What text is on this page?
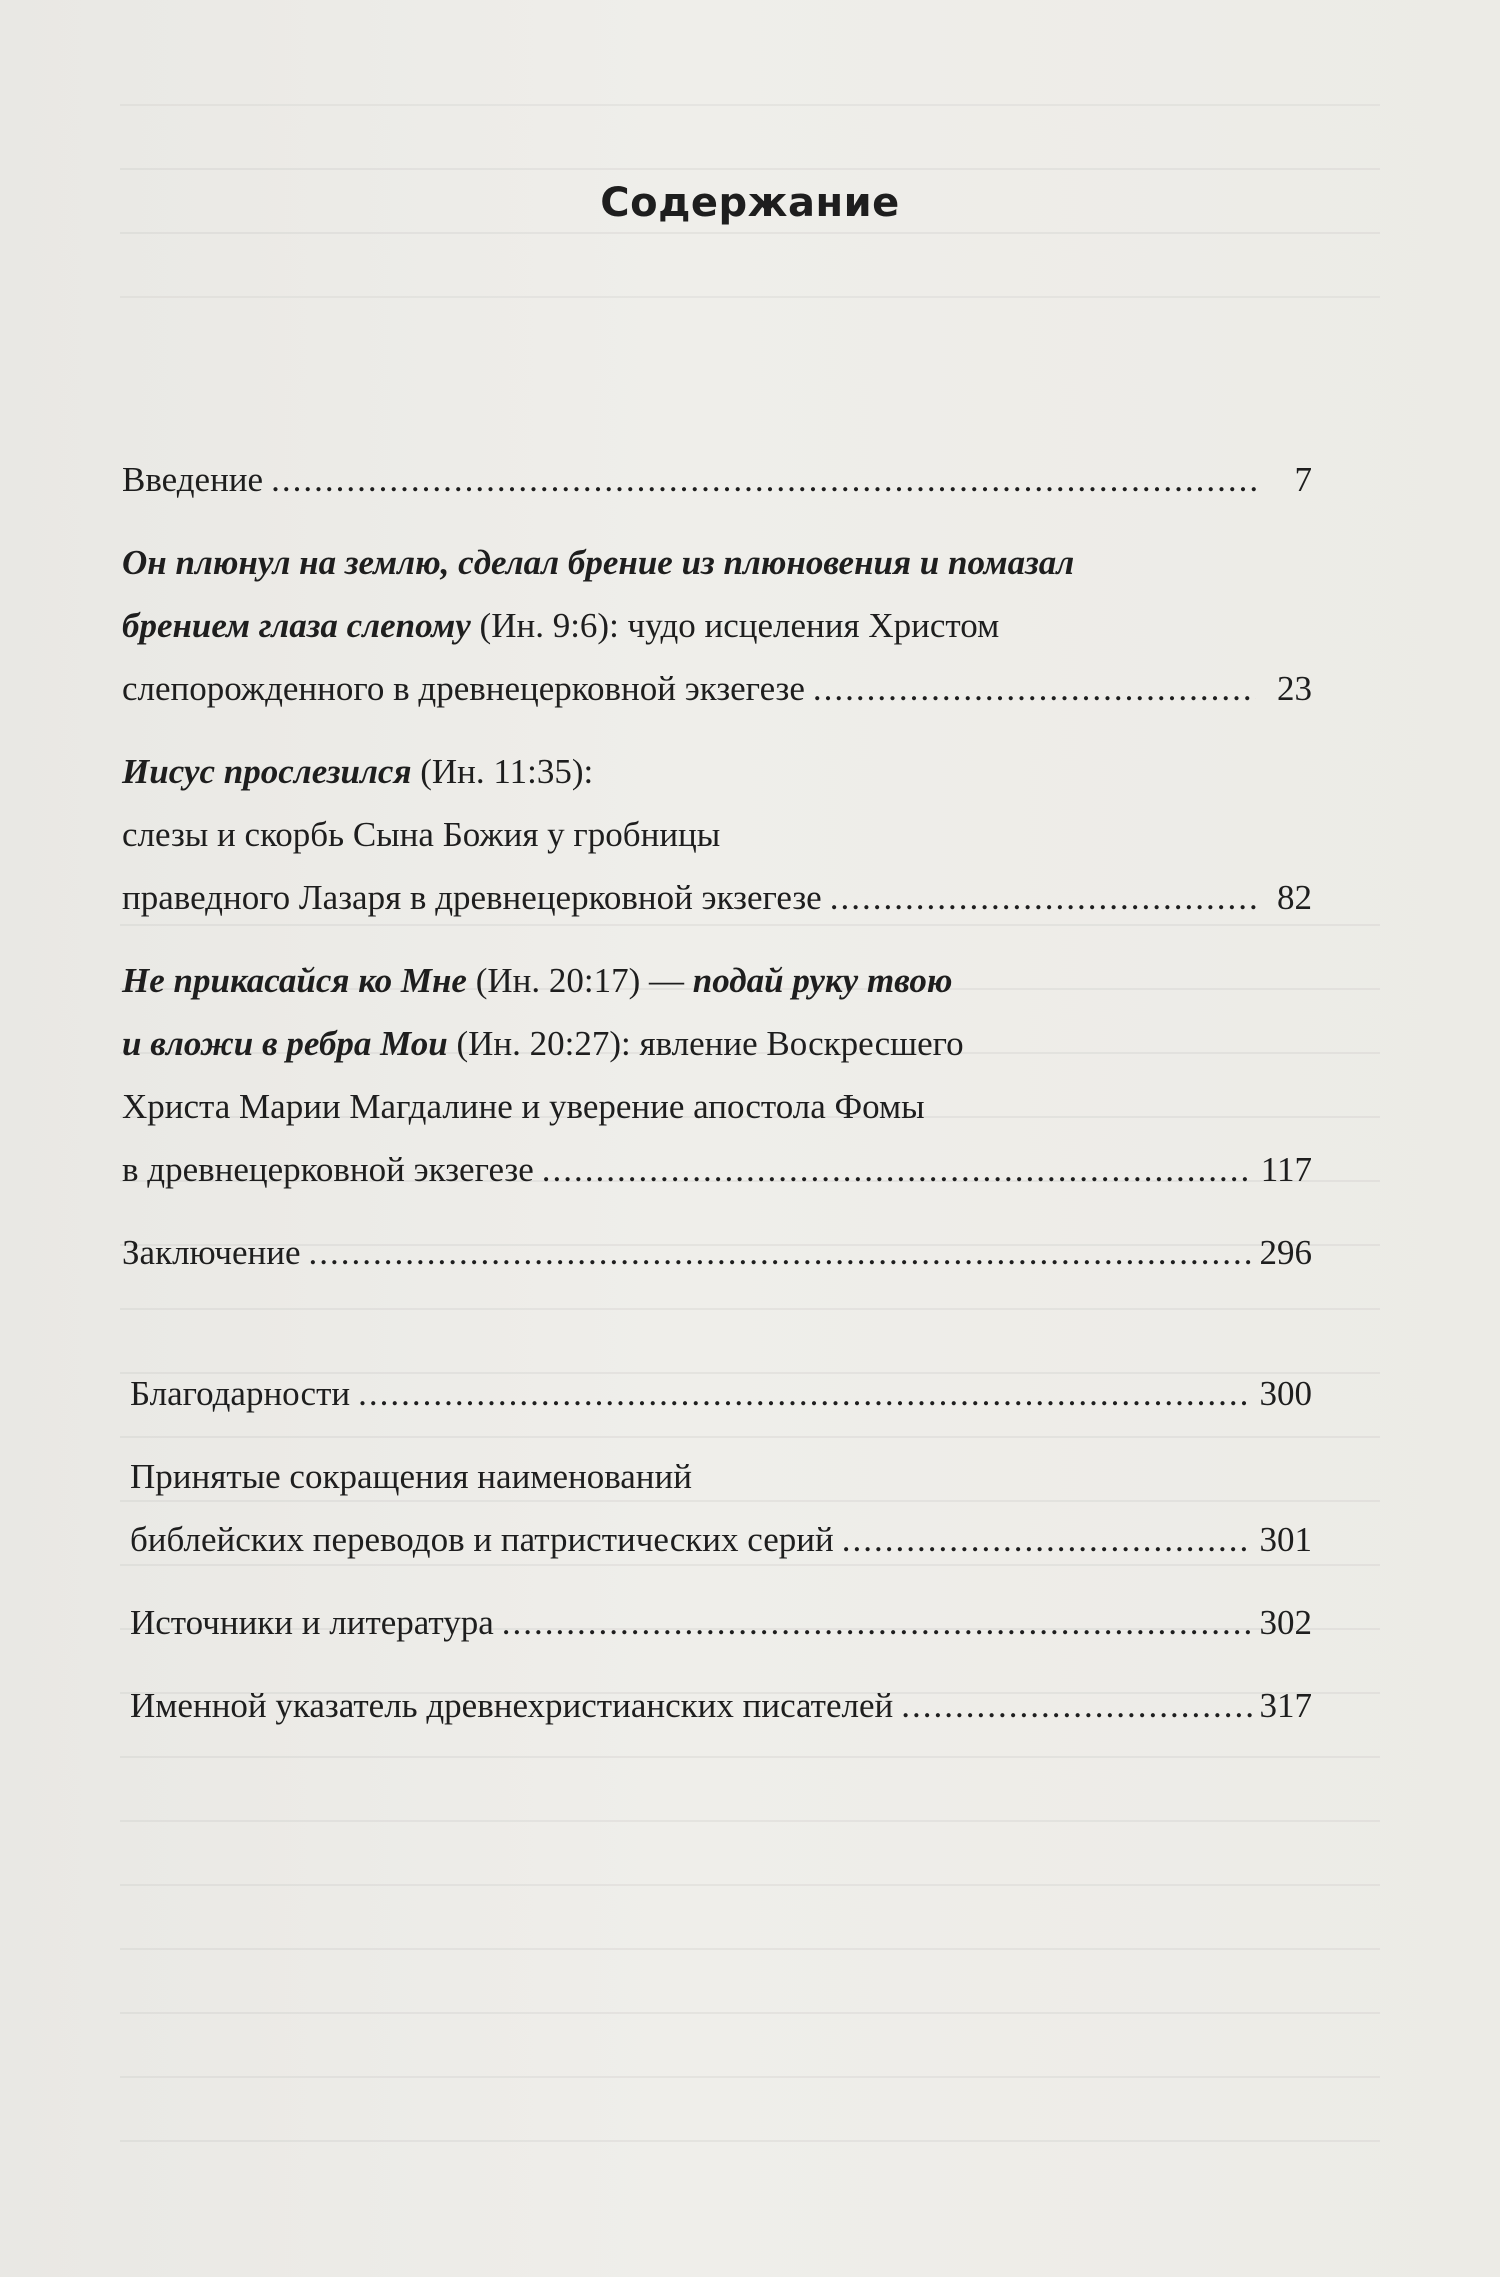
Содержание
Введение .....	7
Он плюнул на землю, сделал брение из плюновения и помазал
брением глаза слепому (Ин. 9:6): чудо исцеления Христом
слепорожденного в древнецерковной экзегезе .....	23
Иисус прослезился (Ин. 11:35):
слезы и скорбь Сына Божия у гробницы
праведного Лазаря в древнецерковной экзегезе .....	82
Не прикасайся ко Мне (Ин. 20:17) — подай руку твою
и вложи в ребра Мои (Ин. 20:27): явление Воскресшего
Христа Марии Магдалине и уверение апостола Фомы
в древнецерковной экзегезе .....	117
Заключение .....	296
Благодарности .....	300
Принятые сокращения наименований
библейских переводов и патристических серий .....	301
Источники и литература .....	302
Именной указатель древнехристианских писателей .....	317
